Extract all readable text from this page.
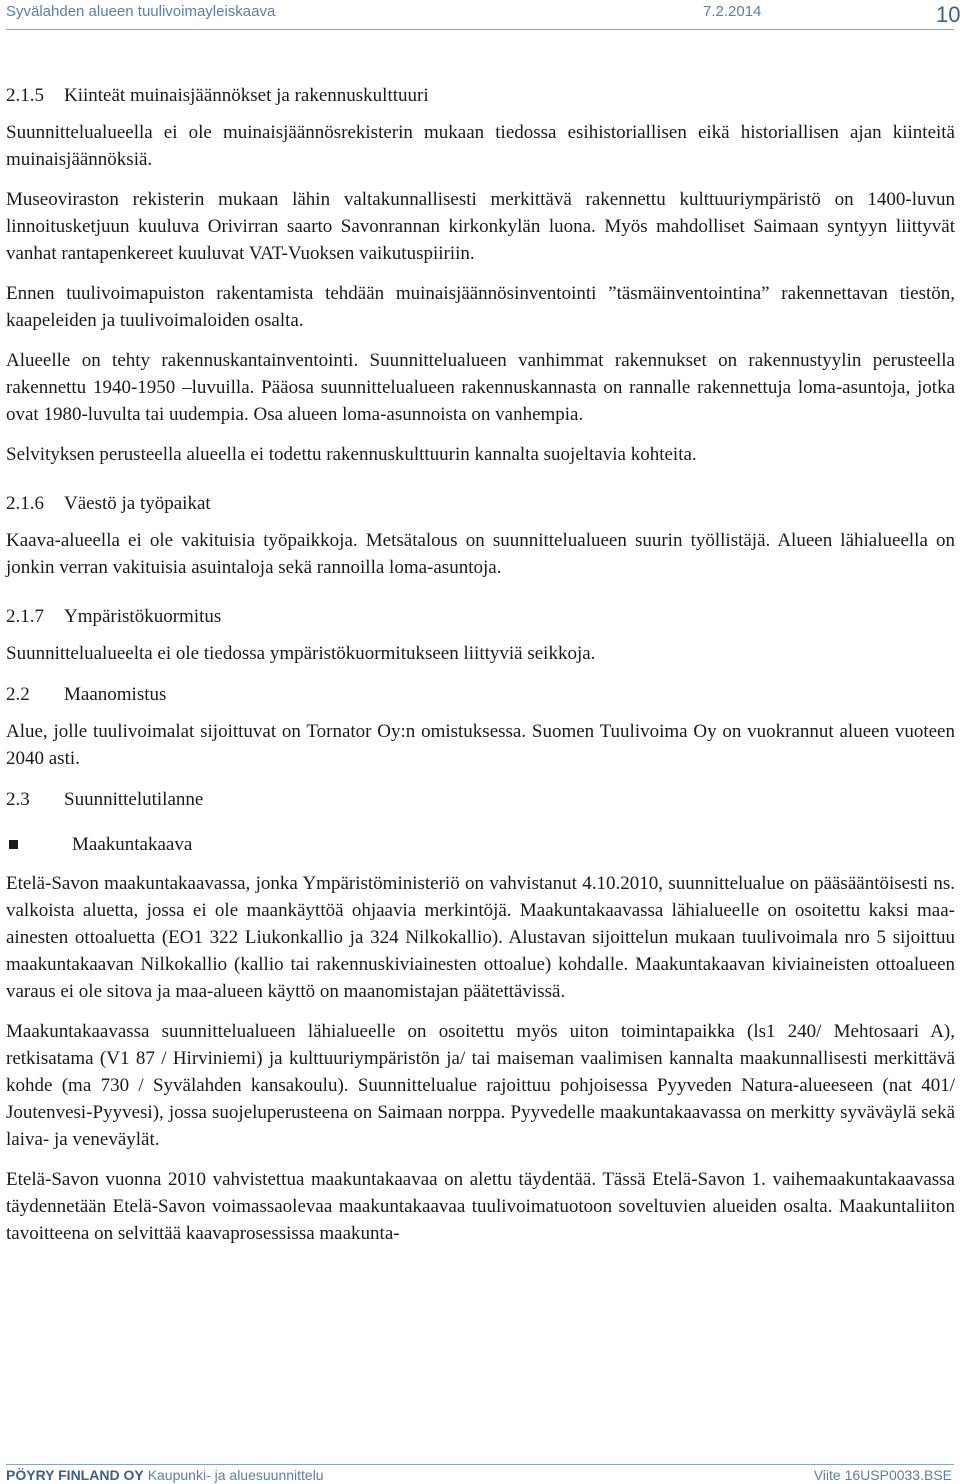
Syvälahden alueen tuulivoimayleiskaava	7.2.2014	10
2.1.5 Kiinteät muinaisjäännökset ja rakennuskulttuuri

Suunnittelualueella ei ole muinaisjäännösrekisterin mukaan tiedossa esihistoriallisen eikä historiallisen ajan kiinteitä muinaisjäännöksiä.

Museoviraston rekisterin mukaan lähin valtakunnallisesti merkittävä rakennettu kulttuuriympäristö on 1400-luvun linnoitusketjuun kuuluva Orivirran saarto Savonrannan kirkonkylän luona. Myös mahdolliset Saimaan syntyyn liittyvät vanhat rantapenkereet kuuluvat VAT-Vuoksen vaikutuspiiriin.

Ennen tuulivoimapuiston rakentamista tehdään muinaisjäännösinventointi ”täsmäinventointina” rakennettavan tiestön, kaapeleiden ja tuulivoimaloiden osalta.

Alueelle on tehty rakennuskantainventointi. Suunnittelualueen vanhimmat rakennukset on rakennustyylin perusteella rakennettu 1940-1950 –luvuilla. Pääosa suunnittelualueen rakennuskannasta on rannalle rakennettuja loma-asuntoja, jotka ovat 1980-luvulta tai uudempia. Osa alueen loma-asunnoista on vanhempia.

Selvityksen perusteella alueella ei todettu rakennuskulttuurin kannalta suojeltavia kohteita.

2.1.6 Väestö ja työpaikat

Kaava-alueella ei ole vakituisia työpaikkoja. Metsätalous on suunnittelualueen suurin työllistäjä. Alueen lähialueella on jonkin verran vakituisia asuintaloja sekä rannoilla loma-asuntoja.

2.1.7 Ympäristökuormitus

Suunnittelualueelta ei ole tiedossa ympäristökuormitukseen liittyviä seikkoja.

2.2 Maanomistus

Alue, jolle tuulivoimalat sijoittuvat on Tornator Oy:n omistuksessa. Suomen Tuulivoima Oy on vuokrannut alueen vuoteen 2040 asti.

2.3 Suunnittelutilanne
Maakuntakaava

Etelä-Savon maakuntakaavassa, jonka Ympäristöministeriö on vahvistanut 4.10.2010, suunnittelualue on pääsääntöisesti ns. valkoista aluetta, jossa ei ole maankäyttöä ohjaavia merkintöjä. Maakuntakaavassa lähialueelle on osoitettu kaksi maa-ainesten ottoaluetta (EO1 322 Liukonkallio ja 324 Nilkokallio). Alustavan sijoittelun mukaan tuulivoimala nro 5 sijoittuu maakuntakaavan Nilkokallio (kallio tai rakennuskiviainesten ottoalue) kohdalle. Maakuntakaavan kiviaineisten ottoalueen varaus ei ole sitova ja maa-alueen käyttö on maanomistajan päätettävissä.

Maakuntakaavassa suunnittelualueen lähialueelle on osoitettu myös uiton toimintapaikka (ls1 240/ Mehtosaari A), retkisatama (V1 87 / Hirviniemi) ja kulttuuriympäristön ja/ tai maiseman vaalimisen kannalta maakunnallisesti merkittävä kohde (ma 730 / Syvälahden kansakoulu). Suunnittelualue rajoittuu pohjoisessa Pyyveden Natura-alueeseen (nat 401/ Joutenvesi-Pyyvesi), jossa suojeluperusteena on Saimaan norppa. Pyyvedelle maakuntakaavassa on merkitty syväväylä sekä laiva- ja veneväylät.

Etelä-Savon vuonna 2010 vahvistettua maakuntakaavaa on alettu täydentää. Tässä Etelä-Savon 1. vaihemaakuntakaavassa täydennetään Etelä-Savon voimassaolevaa maakuntakaavaa tuulivoimatuotoon soveltuvien alueiden osalta. Maakuntaliiton tavoitteena on selvittää kaavaprosessissa maakunta-

PÖYRY FINLAND OY Kaupunki- ja aluesuunnittelu	Viite 16USP0033.BSE
